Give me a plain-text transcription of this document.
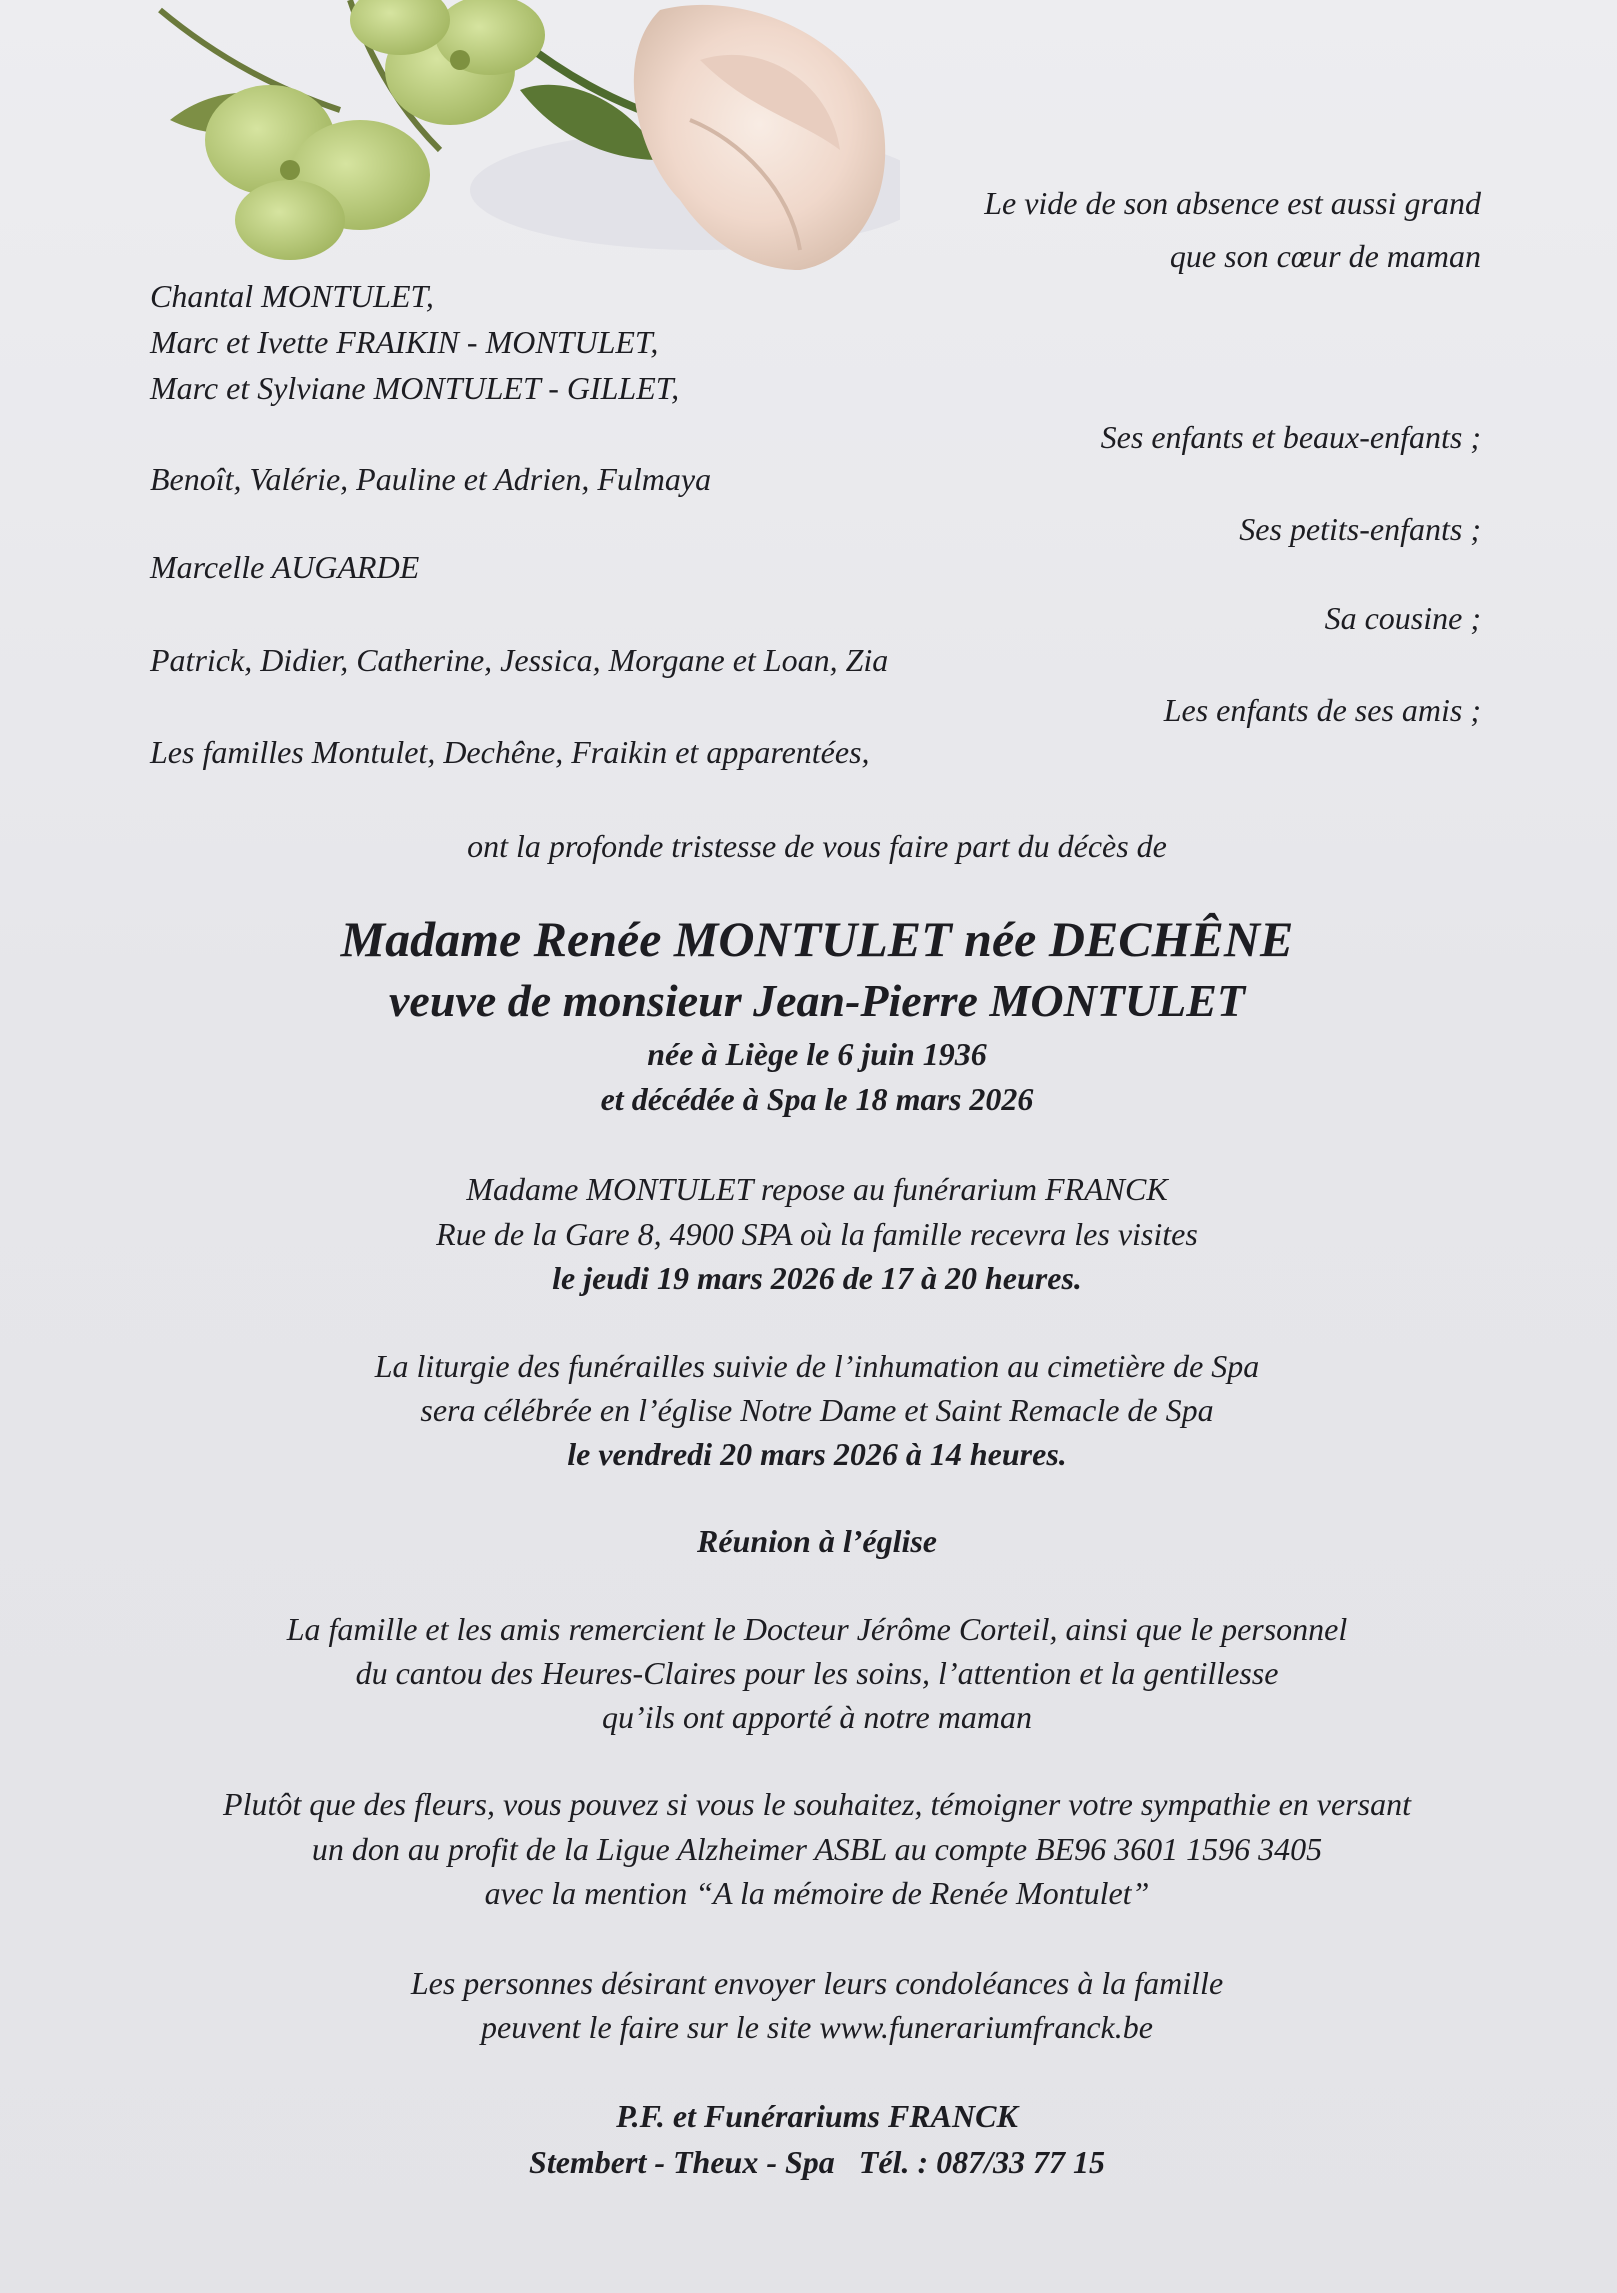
Le vide de son absence est aussi grand
que son cœur de maman
Chantal MONTULET,
Marc et Ivette FRAIKIN - MONTULET,
Marc et Sylviane MONTULET - GILLET,
Ses enfants et beaux-enfants ;
Benoît, Valérie, Pauline et Adrien, Fulmaya
Ses petits-enfants ;
Marcelle AUGARDE
Sa cousine ;
Patrick, Didier, Catherine, Jessica, Morgane et Loan, Zia
Les enfants de ses amis ;
Les familles Montulet, Dechêne, Fraikin et apparentées,
ont la profonde tristesse de vous faire part du décès de
Madame Renée MONTULET née DECHÊNE
veuve de monsieur Jean-Pierre MONTULET
née à Liège le 6 juin 1936
et décédée à Spa le 18 mars 2026
Madame MONTULET repose au funérarium FRANCK
Rue de la Gare 8, 4900 SPA où la famille recevra les visites
le jeudi 19 mars 2026 de 17 à 20 heures.
La liturgie des funérailles suivie de l’inhumation au cimetière de Spa
sera célébrée en l’église Notre Dame et Saint Remacle de Spa
le vendredi 20 mars 2026 à 14 heures.
Réunion à l’église
La famille et les amis remercient le Docteur Jérôme Corteil, ainsi que le personnel
du cantou des Heures-Claires pour les soins, l’attention et la gentillesse
qu’ils ont apporté à notre maman
Plutôt que des fleurs, vous pouvez si vous le souhaitez, témoigner votre sympathie en versant
un don au profit de la Ligue Alzheimer ASBL au compte BE96 3601 1596 3405
avec la mention “A la mémoire de Renée Montulet”
Les personnes désirant envoyer leurs condoléances à la famille
peuvent le faire sur le site www.funerariumfranck.be
P.F. et Funérariums FRANCK
Stembert - Theux - Spa Tél. : 087/33 77 15
